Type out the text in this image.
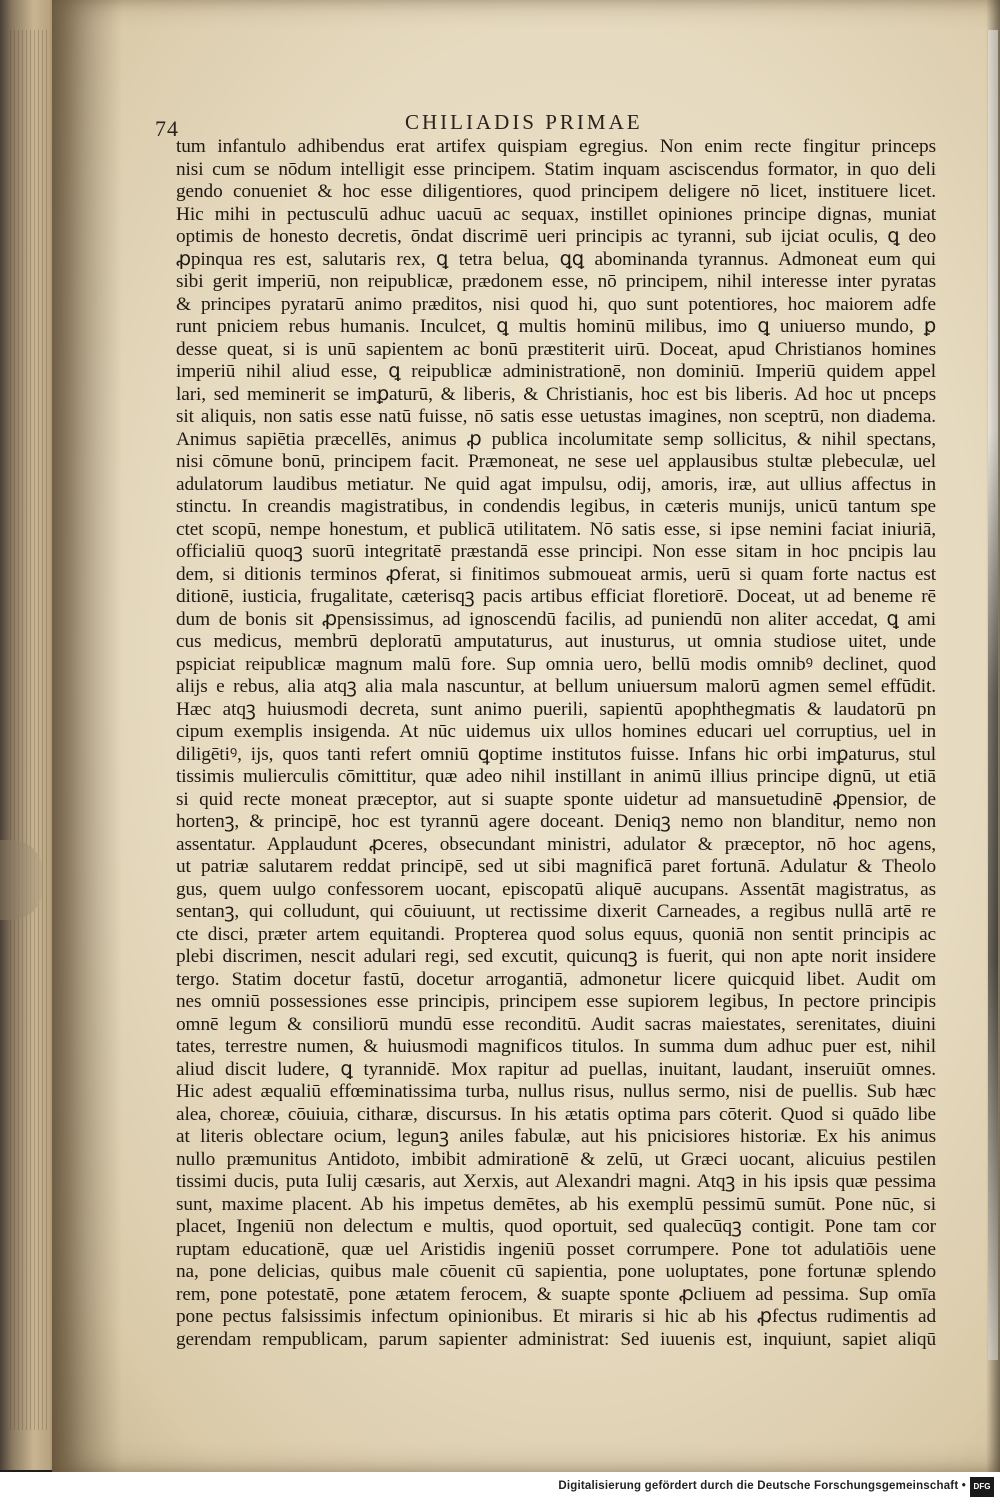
74	CHILIADIS PRIMAE
tum infantulo adhibendus erat artifex quispiam egregius. Non enim recte fingitur princeps
nisi cum se nōdum intelligit esse principem. Statim inquam asciscendus formator, in quo deli
gendo conueniet & hoc esse diligentiores, quod principem deligere nō licet, instituere licet.
Hic mihi in pectusculū adhuc uacuū ac sequax, instillet opiniones principe dignas, muniat
optimis de honesto decretis, ōndat discrimē ueri principis ac tyranni, sub ijciat oculis, ꝗ deo
ꝓpinqua res est, salutaris rex, ꝗ tetra belua, ꝗꝗ abominanda tyrannus. Admoneat eum qui
sibi gerit imperiū, non reipublicæ, prædonem esse, nō principem, nihil interesse inter pyratas
& principes pyratarū animo præditos, nisi quod hi, quo sunt potentiores, hoc maiorem adfe
runt pniciem rebus humanis. Inculcet, ꝗ multis hominū milibus, imo ꝗ uniuerso mundo, ꝑ
desse queat, si is unū sapientem ac bonū præstiterit uirū. Doceat, apud Christianos homines
imperiū nihil aliud esse, ꝗ reipublicæ administrationē, non dominiū. Imperiū quidem appel
lari, sed meminerit se imꝑaturū, & liberis, & Christianis, hoc est bis liberis. Ad hoc ut pnceps
sit aliquis, non satis esse natū fuisse, nō satis esse uetustas imagines, non sceptrū, non diadema.
Animus sapiētia præcellēs, animus ꝓ publica incolumitate semp sollicitus, & nihil spectans,
nisi cōmune bonū, principem facit. Præmoneat, ne sese uel applausibus stultæ plebeculæ, uel
adulatorum laudibus metiatur. Ne quid agat impulsu, odij, amoris, iræ, aut ullius affectus in
stinctu. In creandis magistratibus, in condendis legibus, in cæteris munijs, unicū tantum spe
ctet scopū, nempe honestum, et publicā utilitatem. Nō satis esse, si ipse nemini faciat iniuriā,
officialiū quoqꝫ suorū integritatē præstandā esse principi. Non esse sitam in hoc pncipis lau
dem, si ditionis terminos ꝓferat, si finitimos submoueat armis, uerū si quam forte nactus est
ditionē, iusticia, frugalitate, cæterisqꝫ pacis artibus efficiat floretiorē. Doceat, ut ad beneme rē
dum de bonis sit ꝓpensissimus, ad ignoscendū facilis, ad puniendū non aliter accedat, ꝗ ami
cus medicus, membrū deploratū amputaturus, aut inusturus, ut omnia studiose uitet, unde
pspiciat reipublicæ magnum malū fore. Sup omnia uero, bellū modis omnibꝰ declinet, quod
alijs e rebus, alia atqꝫ alia mala nascuntur, at bellum uniuersum malorū agmen semel effūdit.
Hæc atqꝫ huiusmodi decreta, sunt animo puerili, sapientū apophthegmatis & laudatorū pn
cipum exemplis insigenda. At nūc uidemus uix ullos homines educari uel corruptius, uel in
diligētiꝰ, ijs, quos tanti refert omniū ꝗoptime institutos fuisse. Infans hic orbi imꝑaturus, stul
tissimis mulierculis cōmittitur, quæ adeo nihil instillant in animū illius principe dignū, ut etiā
si quid recte moneat præceptor, aut si suapte sponte uidetur ad mansuetudinē ꝓpensior, de
hortenꝫ, & principē, hoc est tyrannū agere doceant. Deniqꝫ nemo non blanditur, nemo non
assentatur. Applaudunt ꝓceres, obsecundant ministri, adulator & præceptor, nō hoc agens,
ut patriæ salutarem reddat principē, sed ut sibi magnificā paret fortunā. Adulatur & Theolo
gus, quem uulgo confessorem uocant, episcopatū aliquē aucupans. Assentāt magistratus, as
sentanꝫ, qui colludunt, qui cōuiuunt, ut rectissime dixerit Carneades, a regibus nullā artē re
cte disci, præter artem equitandi. Propterea quod solus equus, quoniā non sentit principis ac
plebi discrimen, nescit adulari regi, sed excutit, quicunqꝫ is fuerit, qui non apte norit insidere
tergo. Statim docetur fastū, docetur arrogantiā, admonetur licere quicquid libet. Audit om
nes omniū possessiones esse principis, principem esse supiorem legibus, In pectore principis
omnē legum & consiliorū mundū esse reconditū. Audit sacras maiestates, serenitates, diuini
tates, terrestre numen, & huiusmodi magnificos titulos. In summa dum adhuc puer est, nihil
aliud discit ludere, ꝗ tyrannidē. Mox rapitur ad puellas, inuitant, laudant, inseruiūt omnes.
Hic adest æqualiū effœminatissima turba, nullus risus, nullus sermo, nisi de puellis. Sub hæc
alea, choreæ, cōuiuia, citharæ, discursus. In his ætatis optima pars cōterit. Quod si quādo libe
at literis oblectare ocium, legunꝫ aniles fabulæ, aut his pnicisiores historiæ. Ex his animus
nullo præmunitus Antidoto, imbibit admirationē & zelū, ut Græci uocant, alicuius pestilen
tissimi ducis, puta Iulij cæsaris, aut Xerxis, aut Alexandri magni. Atqꝫ in his ipsis quæ pessima
sunt, maxime placent. Ab his impetus demētes, ab his exemplū pessimū sumūt. Pone nūc, si
placet, Ingeniū non delectum e multis, quod oportuit, sed qualecūqꝫ contigit. Pone tam cor
ruptam educationē, quæ uel Aristidis ingeniū posset corrumpere. Pone tot adulatiōis uene
na, pone delicias, quibus male cōuenit cū sapientia, pone uoluptates, pone fortunæ splendo
rem, pone potestatē, pone ætatem ferocem, & suapte sponte ꝓcliuem ad pessima. Sup omīa
pone pectus falsissimis infectum opinionibus. Et miraris si hic ab his ꝓfectus rudimentis ad
gerendam rempublicam, parum sapienter administrat: Sed iuuenis est, inquiunt, sapiet aliqū
Digitalisierung gefördert durch die Deutsche Forschungsgemeinschaft • DFG
